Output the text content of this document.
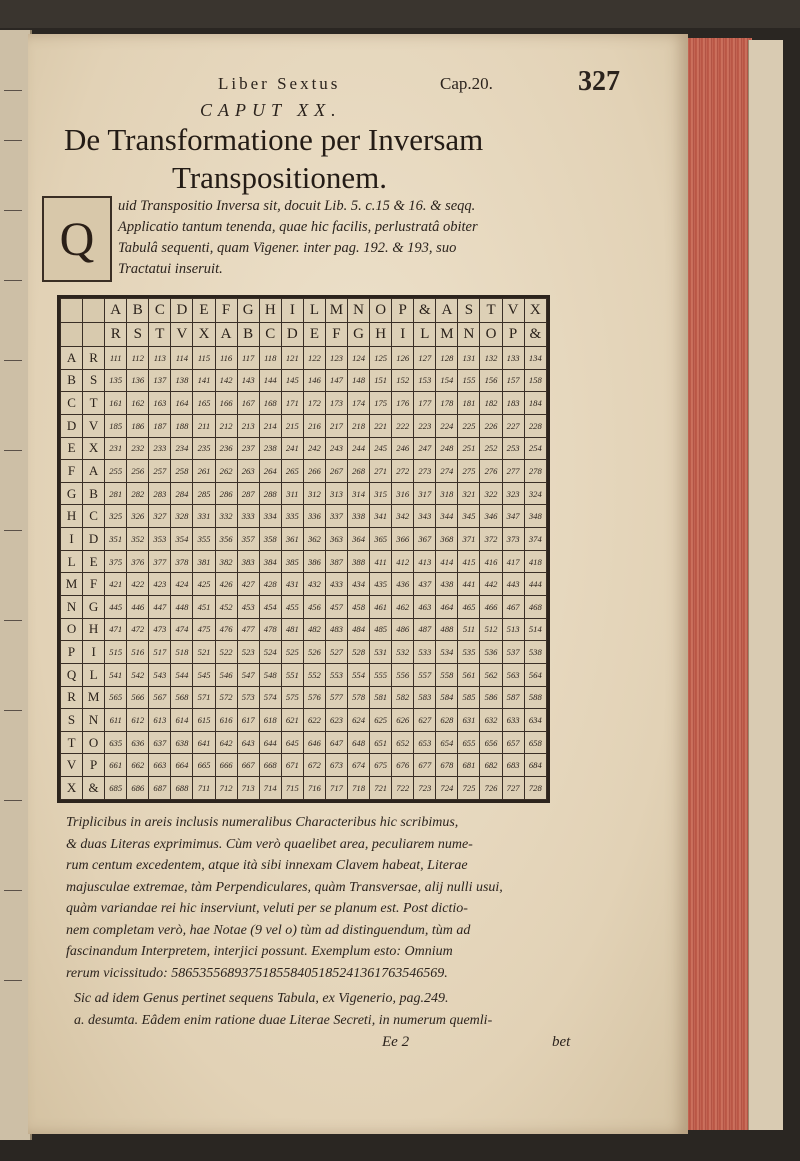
Liber Sextus	Cap.20.	327
CAPUT XX.
De Transformatione per Inversam
Transpositionem.
Q
uid Transpositio Inversa sit, docuit Lib. 5. c.15 & 16. & seqq.
Applicatio tantum tenenda, quae hic facilis, perlustratâ obiter
Tabulâ sequenti, quam Vigener. inter pag. 192. & 193, suo
Tractatui inseruit.
		A	B	C	D	E	F	G	H	I	L	M	N	O	P	&	A	S	T	V	X
		R	S	T	V	X	A	B	C	D	E	F	G	H	I	L	M	N	O	P	&
A	R	111	112	113	114	115	116	117	118	121	122	123	124	125	126	127	128	131	132	133	134
B	S	135	136	137	138	141	142	143	144	145	146	147	148	151	152	153	154	155	156	157	158
C	T	161	162	163	164	165	166	167	168	171	172	173	174	175	176	177	178	181	182	183	184
D	V	185	186	187	188	211	212	213	214	215	216	217	218	221	222	223	224	225	226	227	228
E	X	231	232	233	234	235	236	237	238	241	242	243	244	245	246	247	248	251	252	253	254
F	A	255	256	257	258	261	262	263	264	265	266	267	268	271	272	273	274	275	276	277	278
G	B	281	282	283	284	285	286	287	288	311	312	313	314	315	316	317	318	321	322	323	324
H	C	325	326	327	328	331	332	333	334	335	336	337	338	341	342	343	344	345	346	347	348
I	D	351	352	353	354	355	356	357	358	361	362	363	364	365	366	367	368	371	372	373	374
L	E	375	376	377	378	381	382	383	384	385	386	387	388	411	412	413	414	415	416	417	418
M	F	421	422	423	424	425	426	427	428	431	432	433	434	435	436	437	438	441	442	443	444
N	G	445	446	447	448	451	452	453	454	455	456	457	458	461	462	463	464	465	466	467	468
O	H	471	472	473	474	475	476	477	478	481	482	483	484	485	486	487	488	511	512	513	514
P	I	515	516	517	518	521	522	523	524	525	526	527	528	531	532	533	534	535	536	537	538
Q	L	541	542	543	544	545	546	547	548	551	552	553	554	555	556	557	558	561	562	563	564
R	M	565	566	567	568	571	572	573	574	575	576	577	578	581	582	583	584	585	586	587	588
S	N	611	612	613	614	615	616	617	618	621	622	623	624	625	626	627	628	631	632	633	634
T	O	635	636	637	638	641	642	643	644	645	646	647	648	651	652	653	654	655	656	657	658
V	P	661	662	663	664	665	666	667	668	671	672	673	674	675	676	677	678	681	682	683	684
X	&	685	686	687	688	711	712	713	714	715	716	717	718	721	722	723	724	725	726	727	728
Triplicibus in areis inclusis numeralibus Characteribus hic scribimus,
& duas Literas exprimimus. Cùm verò quaelibet area, peculiarem nume-
rum centum excedentem, atque ità sibi innexam Clavem habeat, Literae
majusculae extremae, tàm Perpendiculares, quàm Transversae, alij nulli usui,
quàm variandae rei hic inserviunt, veluti per se planum est. Post dictio-
nem completam verò, hae Notae (9 vel o) tùm ad distinguendum, tùm ad
fascinandum Interpretem, interjici possunt. Exemplum esto: Omnium
rerum vicissitudo: 586535568937518558405185241361763546569.
Sic ad idem Genus pertinet sequens Tabula, ex Vigenerio, pag.249.
a. desumta. Eâdem enim ratione duae Literae Secreti, in numerum quemli-
Ee 2	bet
